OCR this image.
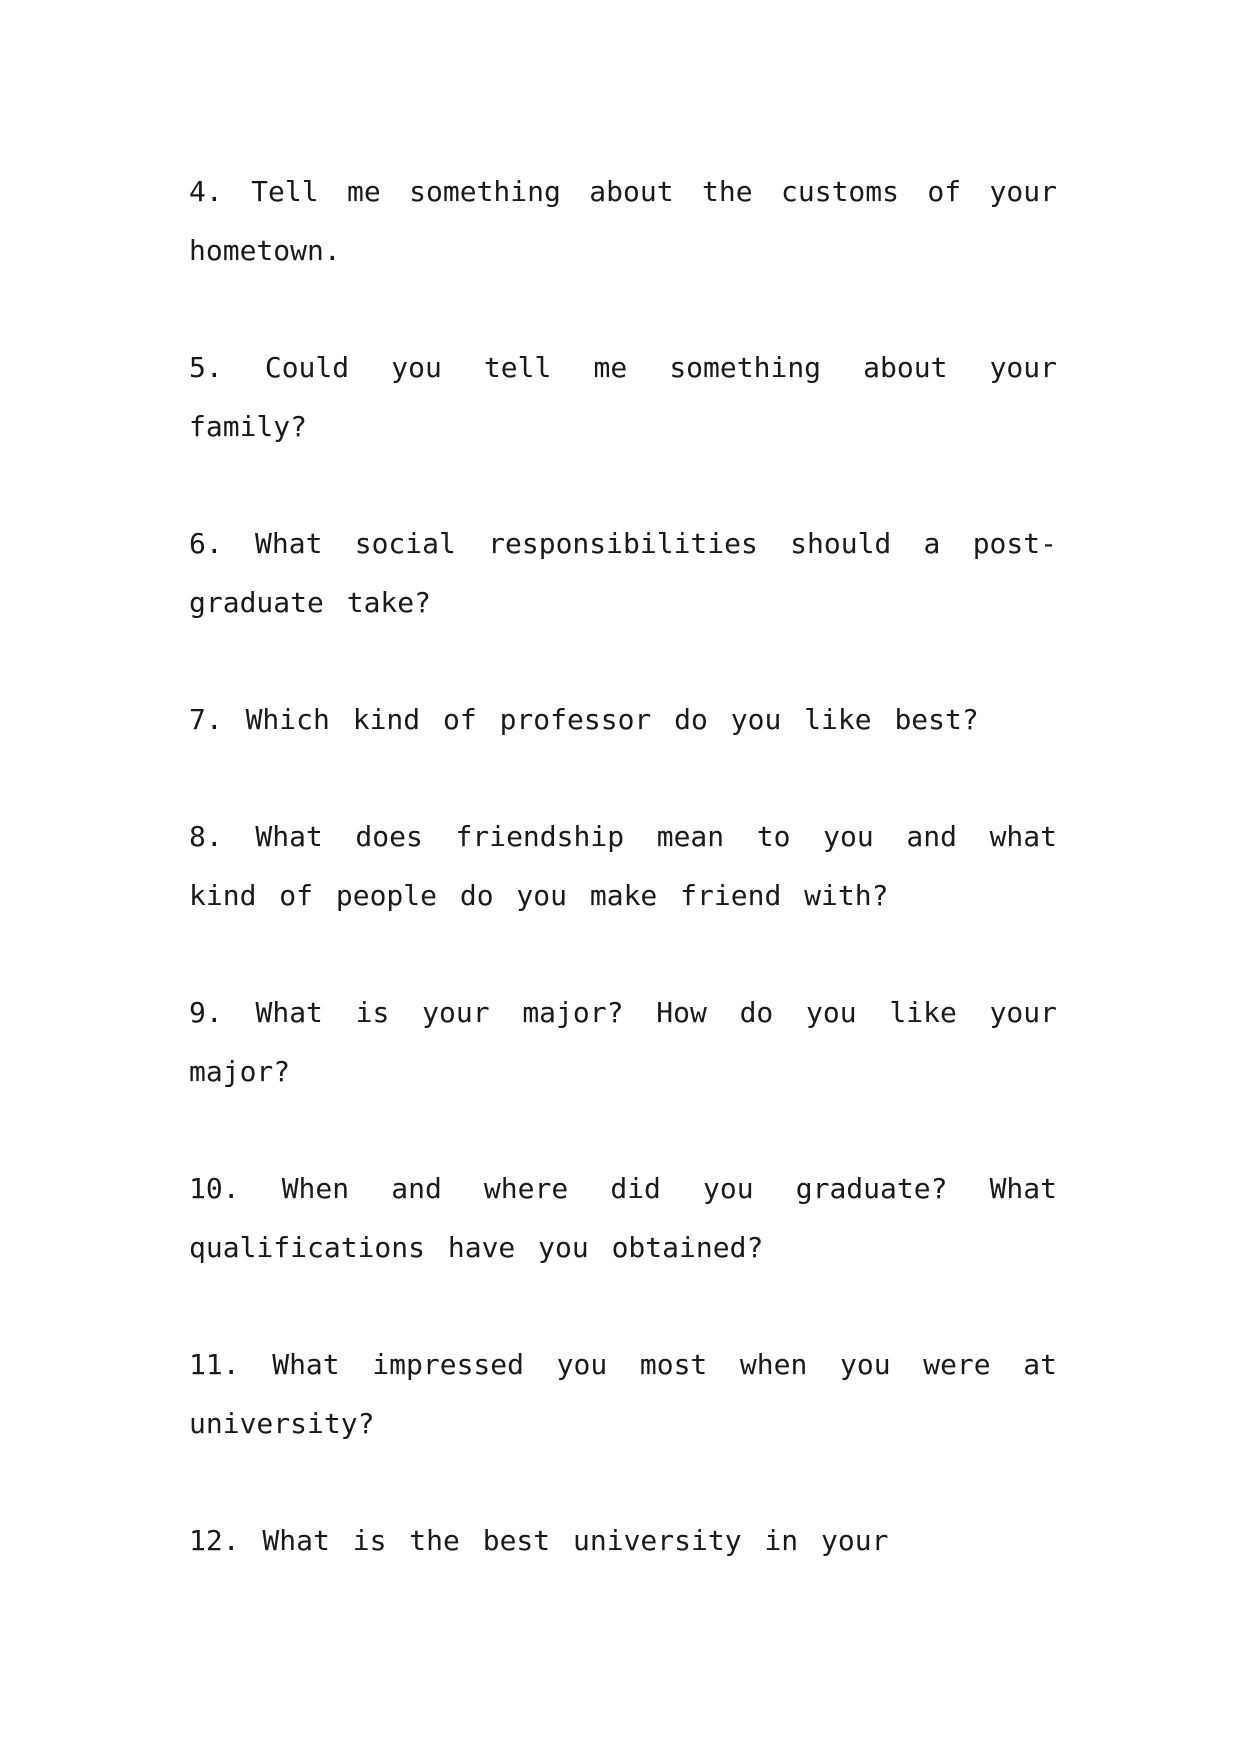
4. Tell me something about the customs of your hometown.

5. Could you tell me something about your family?

6. What social responsibilities should a post-graduate take?

7. Which kind of professor do you like best?

8. What does friendship mean to you and what kind of people do you make friend with?

9. What is your major? How do you like your major?

10. When and where did you graduate? What qualifications have you obtained?

11. What impressed you most when you were at university?

12. What is the best university in your
